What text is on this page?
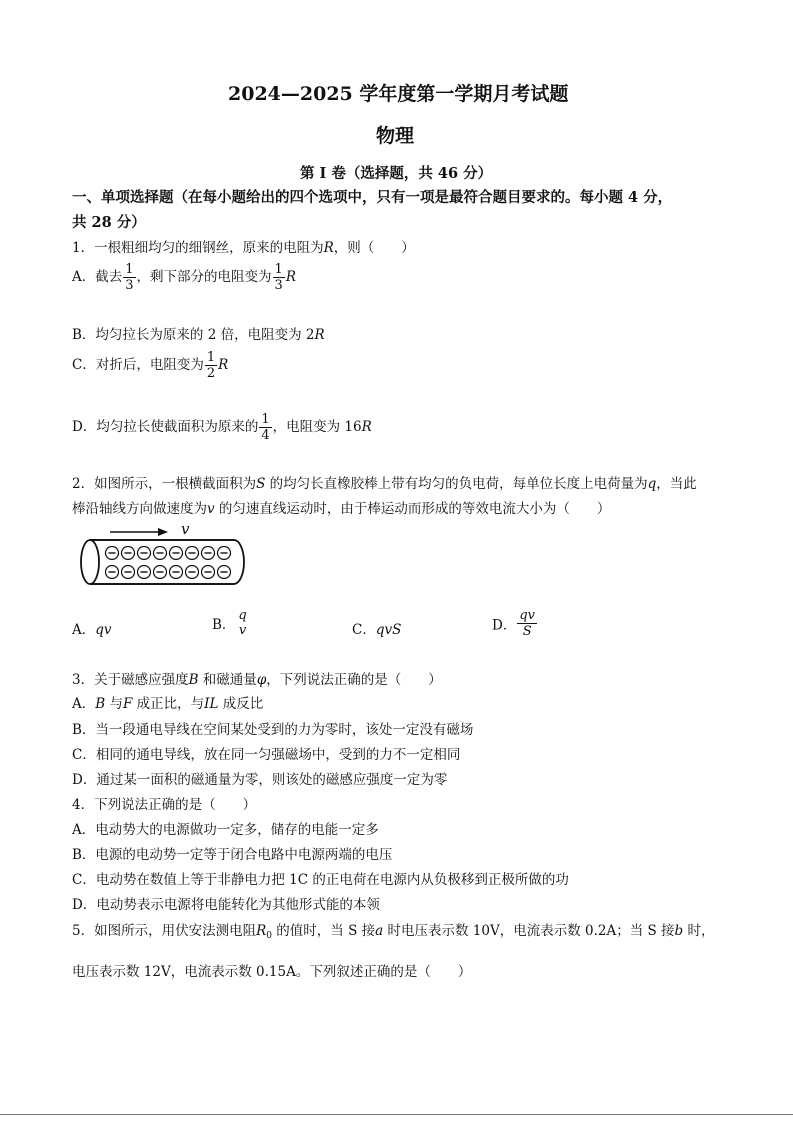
2024—2025 学年度第一学期月考试题
物理
第 I 卷（选择题，共 46 分）
一、单项选择题（在每小题给出的四个选项中，只有一项是最符合题目要求的。每小题 4 分，
共 28 分）
1．一根粗细均匀的细钢丝，原来的电阻为R，则（　　）
A．截去 $\frac{1}{3}$ ，剩下部分的电阻变为 $\frac{1}{3}$ R
B．均匀拉长为原来的 2 倍，电阻变为 2R
C．对折后，电阻变为 $\frac{1}{2}$ R
D．均匀拉长使截面积为原来的 $\frac{1}{4}$ ，电阻变为 16R
2．如图所示，一根横截面积为S 的均匀长直橡胶棒上带有均匀的负电荷，每单位长度上电荷量为q，当此
棒沿轴线方向做速度为v 的匀速直线运动时，由于棒运动而形成的等效电流大小为（　　）
v
A．qv	B．
q
v	C．qvS	D． $\frac{qv}{S}$
3．关于磁感应强度B 和磁通量φ，下列说法正确的是（　　）
A．B 与F 成正比，与IL 成反比
B．当一段通电导线在空间某处受到的力为零时，该处一定没有磁场
C．相同的通电导线，放在同一匀强磁场中，受到的力不一定相同
D．通过某一面积的磁通量为零，则该处的磁感应强度一定为零
4．下列说法正确的是（　　）
A．电动势大的电源做功一定多，储存的电能一定多
B．电源的电动势一定等于闭合电路中电源两端的电压
C．电动势在数值上等于非静电力把 1C 的正电荷在电源内从负极移到正极所做的功
D．电动势表示电源将电能转化为其他形式能的本领
5．如图所示，用伏安法测电阻$R_0$ 的值时，当 S 接a 时电压表示数 10V，电流表示数 0.2A；当 S 接b 时，
电压表示数 12V，电流表示数 0.15A。下列叙述正确的是（　　）
